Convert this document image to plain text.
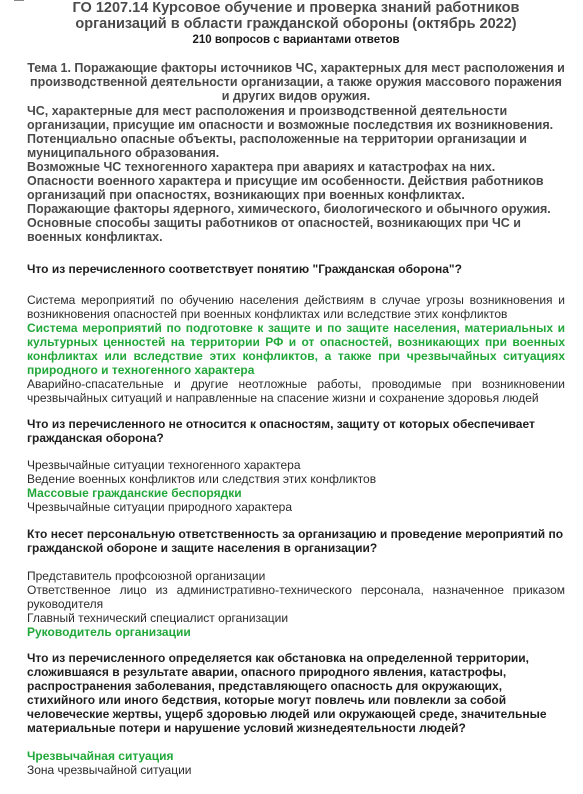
ГО 1207.14 Курсовое обучение и проверка знаний работников организаций в области гражданской обороны (октябрь 2022)
210 вопросов с вариантами ответов
Тема 1. Поражающие факторы источников ЧС, характерных для мест расположения и производственной деятельности организации, а также оружия массового поражения и других видов оружия.
ЧС, характерные для мест расположения и производственной деятельности организации, присущие им опасности и возможные последствия их возникновения.
Потенциально опасные объекты, расположенные на территории организации и муниципального образования.
Возможные ЧС техногенного характера при авариях и катастрофах на них.
Опасности военного характера и присущие им особенности. Действия работников организаций при опасностях, возникающих при военных конфликтах.
Поражающие факторы ядерного, химического, биологического и обычного оружия.
Основные способы защиты работников от опасностей, возникающих при ЧС и военных конфликтах.
Что из перечисленного соответствует понятию "Гражданская оборона"?
Система мероприятий по обучению населения действиям в случае угрозы возникновения и возникновения опасностей при военных конфликтах или вследствие этих конфликтов
Система мероприятий по подготовке к защите и по защите населения, материальных и культурных ценностей на территории РФ и от опасностей, возникающих при военных конфликтах или вследствие этих конфликтов, а также при чрезвычайных ситуациях природного и техногенного характера
Аварийно-спасательные и другие неотложные работы, проводимые при возникновении чрезвычайных ситуаций и направленные на спасение жизни и сохранение здоровья людей
Что из перечисленного не относится к опасностям, защиту от которых обеспечивает гражданская оборона?
Чрезвычайные ситуации техногенного характера
Ведение военных конфликтов или следствия этих конфликтов
Массовые гражданские беспорядки
Чрезвычайные ситуации природного характера
Кто несет персональную ответственность за организацию и проведение мероприятий по гражданской обороне и защите населения в организации?
Представитель профсоюзной организации
Ответственное лицо из административно-технического персонала, назначенное приказом руководителя
Главный технический специалист организации
Руководитель организации
Что из перечисленного определяется как обстановка на определенной территории, сложившаяся в результате аварии, опасного природного явления, катастрофы, распространения заболевания, представляющего опасность для окружающих, стихийного или иного бедствия, которые могут повлечь или повлекли за собой человеческие жертвы, ущерб здоровью людей или окружающей среде, значительные материальные потери и нарушение условий жизнедеятельности людей?
Чрезвычайная ситуация
Зона чрезвычайной ситуации
